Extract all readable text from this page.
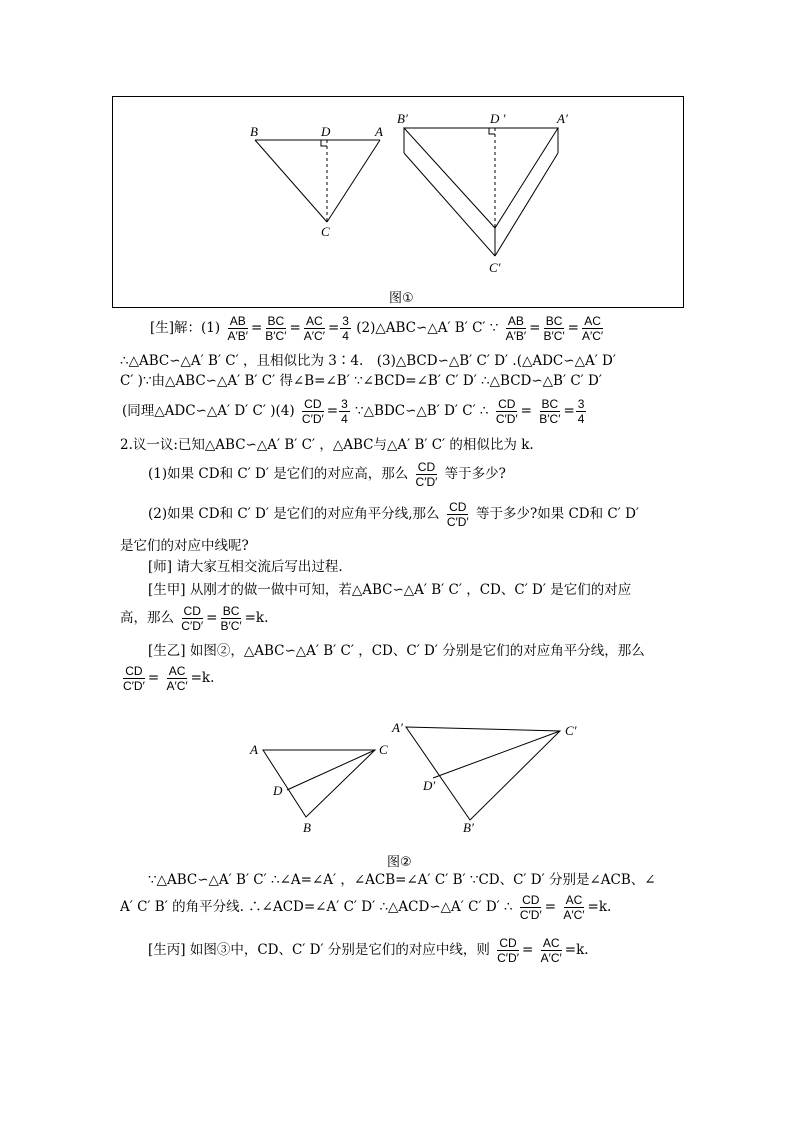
B	D	A
C
B′	D ′	A′
C′
图①
[生]解：$(1) \frac{AB}{A'B'} = \frac{BC}{B'C'} = \frac{AC}{A'C'} = \frac{3}{4}$ (2)△ABC∽△A′ B′ C′ ∵ $\frac{AB}{A'B'} = \frac{BC}{B'C'} = \frac{AC}{A'C'}$
∴△ABC∽△A′ B′ C′ ，且相似比为 3∶4.　(3)△BCD∽△B′ C′ D′ .(△ADC∽△A′ D′
C′ )∵由△ABC∽△A′ B′ C′ 得∠B=∠B′ ∵∠BCD=∠B′ C′ D′ ∴△BCD∽△B′ C′ D′
(同理△ADC∽△A′ D′ C′ )$(4) \frac{CD}{C'D'} = \frac{3}{4}$ ∵△BDC∽△B′ D′ C′ ∴ $\frac{CD}{C'D'} = \frac{BC}{B'C'} = \frac{3}{4}$
2.议一议:已知△ABC∽△A′ B′ C′ ，△ABC与△A′ B′ C′ 的相似比为 k.
(1)如果 CD和 C′ D′ 是它们的对应高，那么 $\frac{CD}{C'D'}$ 等于多少?
(2)如果 CD和 C′ D′ 是它们的对应角平分线,那么 $\frac{CD}{C'D'}$ 等于多少?如果 CD和 C′ D′
是它们的对应中线呢?
[师] 请大家互相交流后写出过程.
[生甲] 从刚才的做一做中可知，若△ABC∽△A′ B′ C′ ，CD、C′ D′ 是它们的对应
高，那么 $\frac{CD}{C'D'} = \frac{BC}{B'C'} =k$.
[生乙] 如图②，△ABC∽△A′ B′ C′ ，CD、C′ D′ 分别是它们的对应角平分线，那么
$\frac{CD}{C'D'} = \frac{AC}{A'C'} =k$.
A	C
D
B
A′	C′
D′
B′
图②
∵△ABC∽△A′ B′ C′ ∴∠A=∠A′ ，∠ACB=∠A′ C′ B′ ∵CD、C′ D′ 分别是∠ACB、∠
A′ C′ B′ 的角平分线. ∴∠ACD=∠A′ C′ D′ ∴△ACD∽△A′ C′ D′ ∴ $\frac{CD}{C'D'} = \frac{AC}{A'C'} =k$.
[生丙] 如图③中，CD、C′ D′ 分别是它们的对应中线，则 $\frac{CD}{C'D'} = \frac{AC}{A'C'} =k$.
